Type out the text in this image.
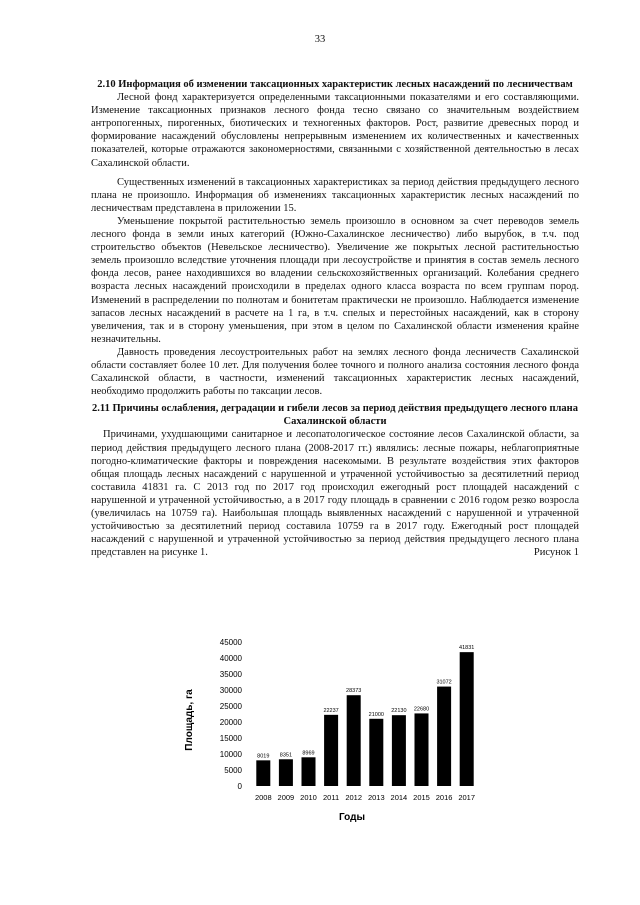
33
2.10 Информация об изменении таксационных характеристик лесных насаждений по лесничествам

Лесной фонд характеризуется определенными таксационными показателями и его составляющими. Изменение таксационных признаков лесного фонда тесно связано со значительным воздействием антропогенных, пирогенных, биотических и техногенных факторов. Рост, развитие древесных пород и формирование насаждений обусловлены непрерывным изменением их количественных и качественных показателей, которые отражаются закономерностями, связанными с хозяйственной деятельностью в лесах Сахалинской области.

Существенных изменений в таксационных характеристиках за период действия предыдущего лесного плана не произошло. Информация об изменениях таксационных характеристик лесных насаждений по лесничествам представлена в приложении 15.

Уменьшение покрытой растительностью земель произошло в основном за счет переводов земель лесного фонда в земли иных категорий (Южно-Сахалинское лесничество) либо вырубок, в т.ч. под строительство объектов (Невельское лесничество). Увеличение же покрытых лесной растительностью земель произошло вследствие уточнения площади при лесоустройстве и принятия в состав земель лесного фонда лесов, ранее находившихся во владении сельскохозяйственных организаций. Колебания среднего возраста лесных насаждений происходили в пределах одного класса возраста по всем группам пород. Изменений в распределении по полнотам и бонитетам практически не произошло. Наблюдается изменение запасов лесных насаждений в расчете на 1 га, в т.ч. спелых и перестойных насаждений, как в сторону увеличения, так и в сторону уменьшения, при этом в целом по Сахалинской области изменения крайне незначительны.

Давность проведения лесоустроительных работ на землях лесного фонда лесничеств Сахалинской области составляет более 10 лет. Для получения более точного и полного анализа состояния лесного фонда Сахалинской области, в частности, изменений таксационных характеристик лесных насаждений, необходимо продолжить работы по таксации лесов.

2.11 Причины ослабления, деградации и гибели лесов за период действия предыдущего лесного плана Сахалинской области

Причинами, ухудшающими санитарное и лесопатологическое состояние лесов Сахалинской области, за период действия предыдущего лесного плана (2008-2017 гг.) являлись: лесные пожары, неблагоприятные погодно-климатические факторы и повреждения насекомыми. В результате воздействия этих факторов общая площадь лесных насаждений с нарушенной и утраченной устойчивостью за десятилетний период составила 41831 га. С 2013 год по 2017 год происходил ежегодный рост площадей насаждений с нарушенной и утраченной устойчивостью, а в 2017 году площадь в сравнении с 2016 годом резко возросла (увеличилась на 10759 га). Наибольшая площадь выявленных насаждений с нарушенной и утраченной устойчивостью за десятилетний период составила 10759 га в 2017 году. Ежегодный рост площадей насаждений с нарушенной и утраченной устойчивостью за период действия предыдущего лесного плана представлен на рисунке 1.	Рисунок 1

0
5000
10000
15000
20000
25000
30000
35000
40000
45000
8019 8351 8969
22237
28373
21000
22130 22680
31072
41831
2008 2009 2010 2011 2012 2013 2014 2015 2016 2017
Площадь, га
Годы
